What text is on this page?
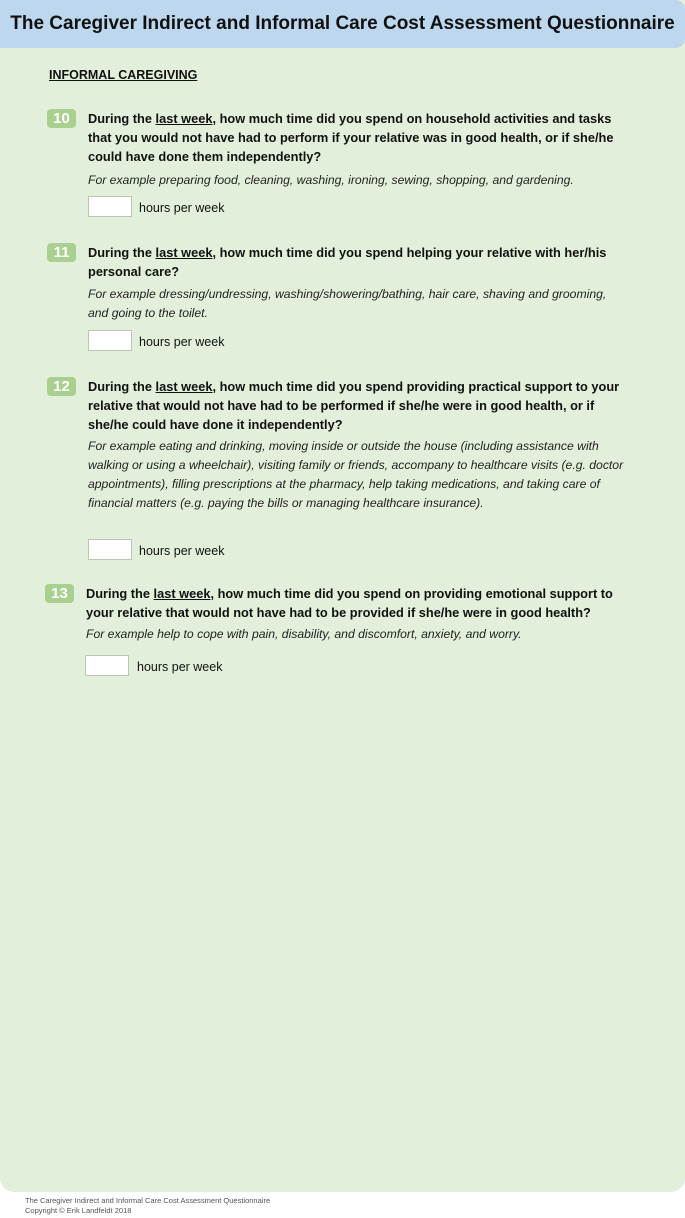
The Caregiver Indirect and Informal Care Cost Assessment Questionnaire
INFORMAL CAREGIVING
10	During the last week, how much time did you spend on household activities and tasks that you would not have had to perform if your relative was in good health, or if she/he could have done them independently?
For example preparing food, cleaning, washing, ironing, sewing, shopping, and gardening.
hours per week
11	During the last week, how much time did you spend helping your relative with her/his personal care?
For example dressing/undressing, washing/showering/bathing, hair care, shaving and grooming, and going to the toilet.
hours per week
12	During the last week, how much time did you spend providing practical support to your relative that would not have had to be performed if she/he were in good health, or if she/he could have done it independently?
For example eating and drinking, moving inside or outside the house (including assistance with walking or using a wheelchair), visiting family or friends, accompany to healthcare visits (e.g. doctor appointments), filling prescriptions at the pharmacy, help taking medications, and taking care of financial matters (e.g. paying the bills or managing healthcare insurance).
hours per week
13	During the last week, how much time did you spend on providing emotional support to your relative that would not have had to be provided if she/he were in good health?
For example help to cope with pain, disability, and discomfort, anxiety, and worry.
hours per week
The Caregiver Indirect and Informal Care Cost Assessment Questionnaire
Copyright © Erik Landfeldt 2018
